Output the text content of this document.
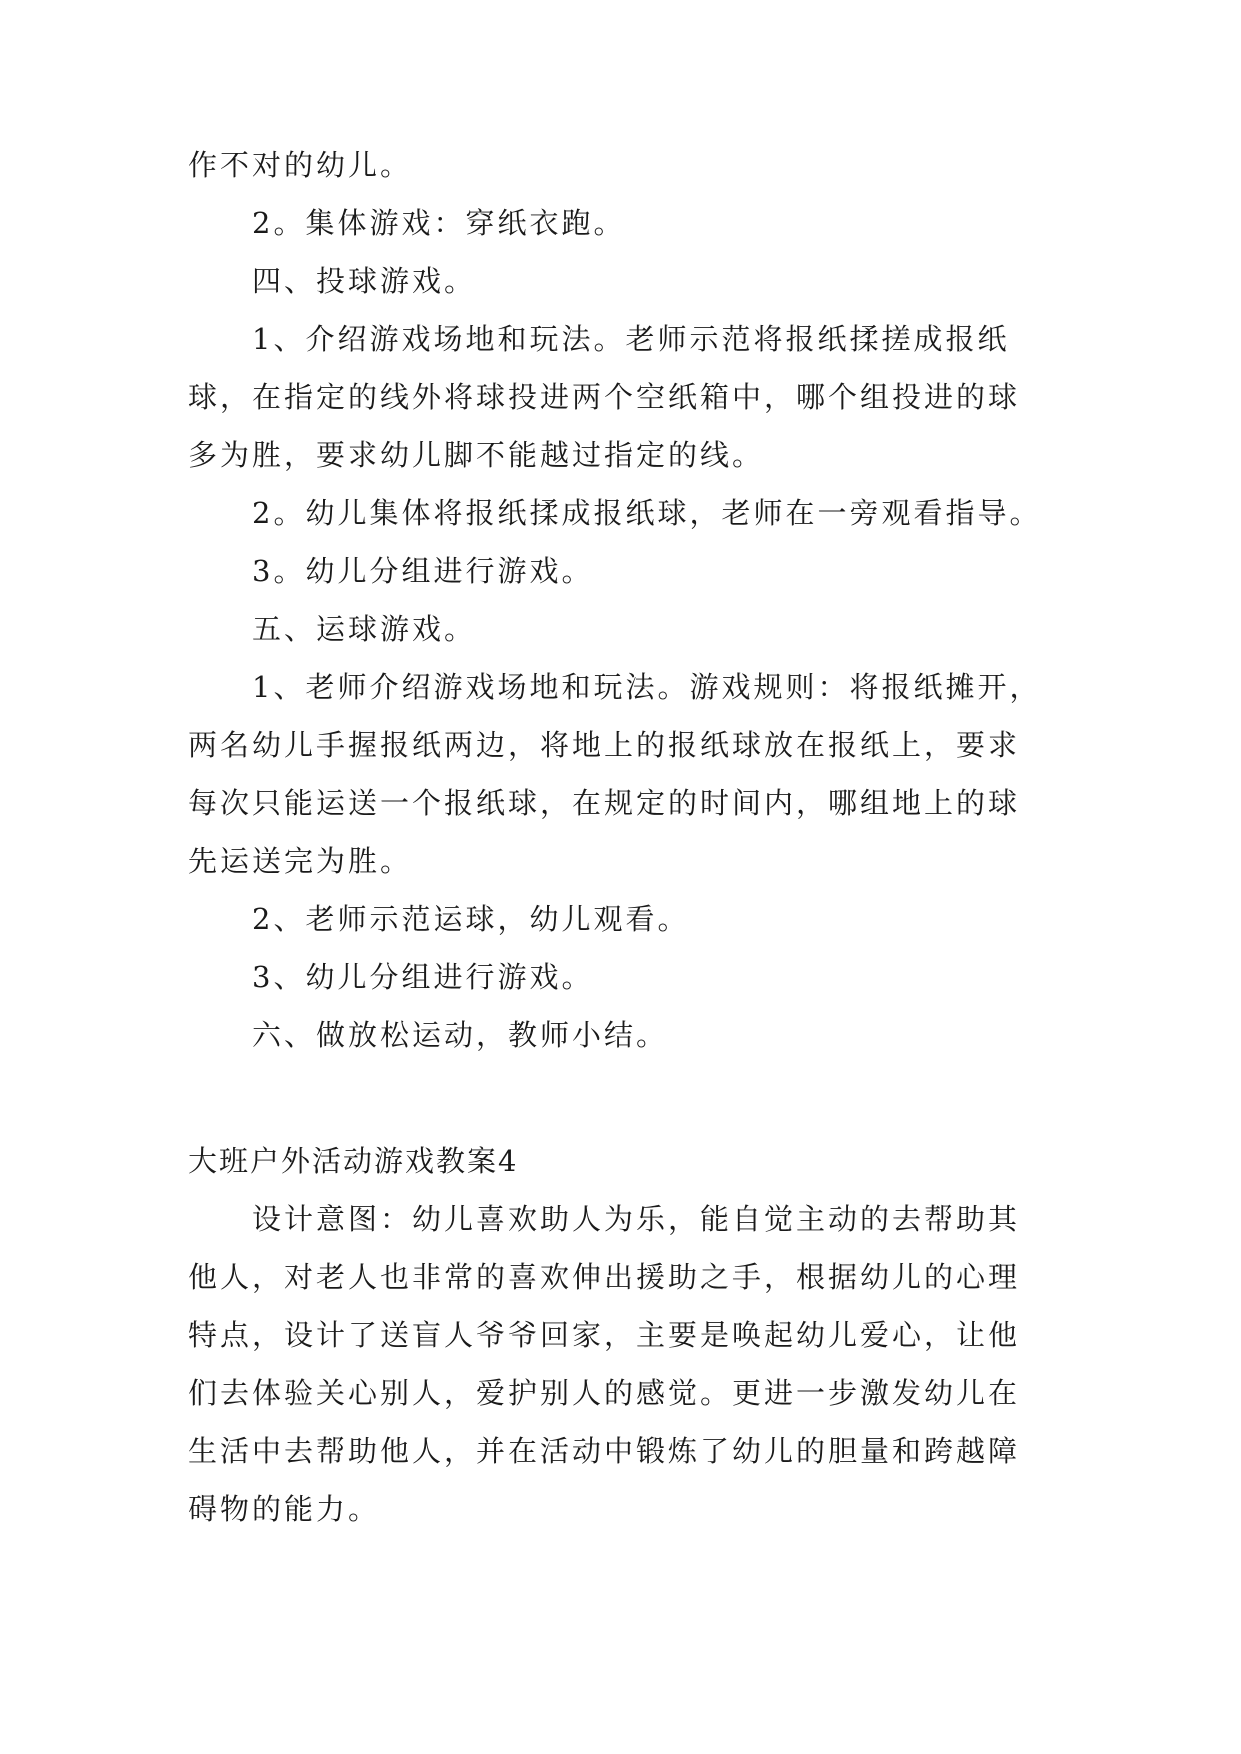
作不对的幼儿。
2。集体游戏：穿纸衣跑。
四、投球游戏。
1、介绍游戏场地和玩法。老师示范将报纸揉搓成报纸
球，在指定的线外将球投进两个空纸箱中，哪个组投进的球
多为胜，要求幼儿脚不能越过指定的线。
2。幼儿集体将报纸揉成报纸球，老师在一旁观看指导。
3。幼儿分组进行游戏。
五、运球游戏。
1、老师介绍游戏场地和玩法。游戏规则：将报纸摊开，
两名幼儿手握报纸两边，将地上的报纸球放在报纸上，要求
每次只能运送一个报纸球，在规定的时间内，哪组地上的球
先运送完为胜。
2、老师示范运球，幼儿观看。
3、幼儿分组进行游戏。
六、做放松运动，教师小结。
大班户外活动游戏教案4
设计意图：幼儿喜欢助人为乐，能自觉主动的去帮助其
他人，对老人也非常的喜欢伸出援助之手，根据幼儿的心理
特点，设计了送盲人爷爷回家，主要是唤起幼儿爱心，让他
们去体验关心别人，爱护别人的感觉。更进一步激发幼儿在
生活中去帮助他人，并在活动中锻炼了幼儿的胆量和跨越障
碍物的能力。
